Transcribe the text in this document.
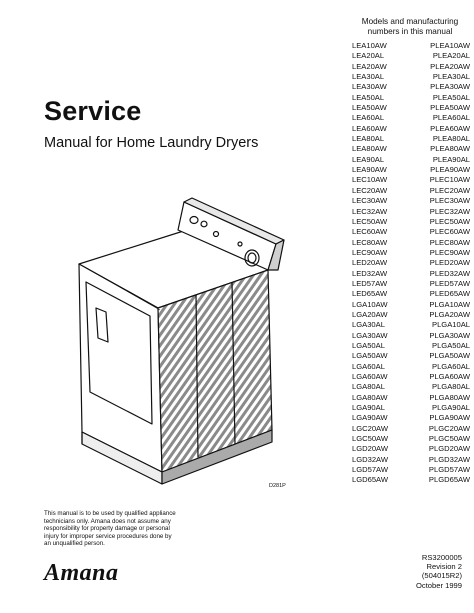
Service
Manual for Home Laundry Dryers
Models and manufacturing
numbers in this manual
LEA10AW	PLEA10AW
LEA20AL	PLEA20AL
LEA20AW	PLEA20AW
LEA30AL	PLEA30AL
LEA30AW	PLEA30AW
LEA50AL	PLEA50AL
LEA50AW	PLEA50AW
LEA60AL	PLEA60AL
LEA60AW	PLEA60AW
LEA80AL	PLEA80AL
LEA80AW	PLEA80AW
LEA90AL	PLEA90AL
LEA90AW	PLEA90AW
LEC10AW	PLEC10AW
LEC20AW	PLEC20AW
LEC30AW	PLEC30AW
LEC32AW	PLEC32AW
LEC50AW	PLEC50AW
LEC60AW	PLEC60AW
LEC80AW	PLEC80AW
LEC90AW	PLEC90AW
LED20AW	PLED20AW
LED32AW	PLED32AW
LED57AW	PLED57AW
LED65AW	PLED65AW
LGA10AW	PLGA10AW
LGA20AW	PLGA20AW
LGA30AL	PLGA10AL
LGA30AW	PLGA30AW
LGA50AL	PLGA50AL
LGA50AW	PLGA50AW
LGA60AL	PLGA60AL
LGA60AW	PLGA60AW
LGA80AL	PLGA80AL
LGA80AW	PLGA80AW
LGA90AL	PLGA90AL
LGA90AW	PLGA90AW
LGC20AW	PLGC20AW
LGC50AW	PLGC50AW
LGD20AW	PLGD20AW
LGD32AW	PLGD32AW
LGD57AW	PLGD57AW
LGD65AW	PLGD65AW
D281P
This manual is to be used by qualified appliance
technicians only. Amana does not assume any
responsibility for property damage or personal
injury for improper service procedures done by
an unqualified person.
RS3200005
Revision 2
(504015R2)
October 1999
Amana
